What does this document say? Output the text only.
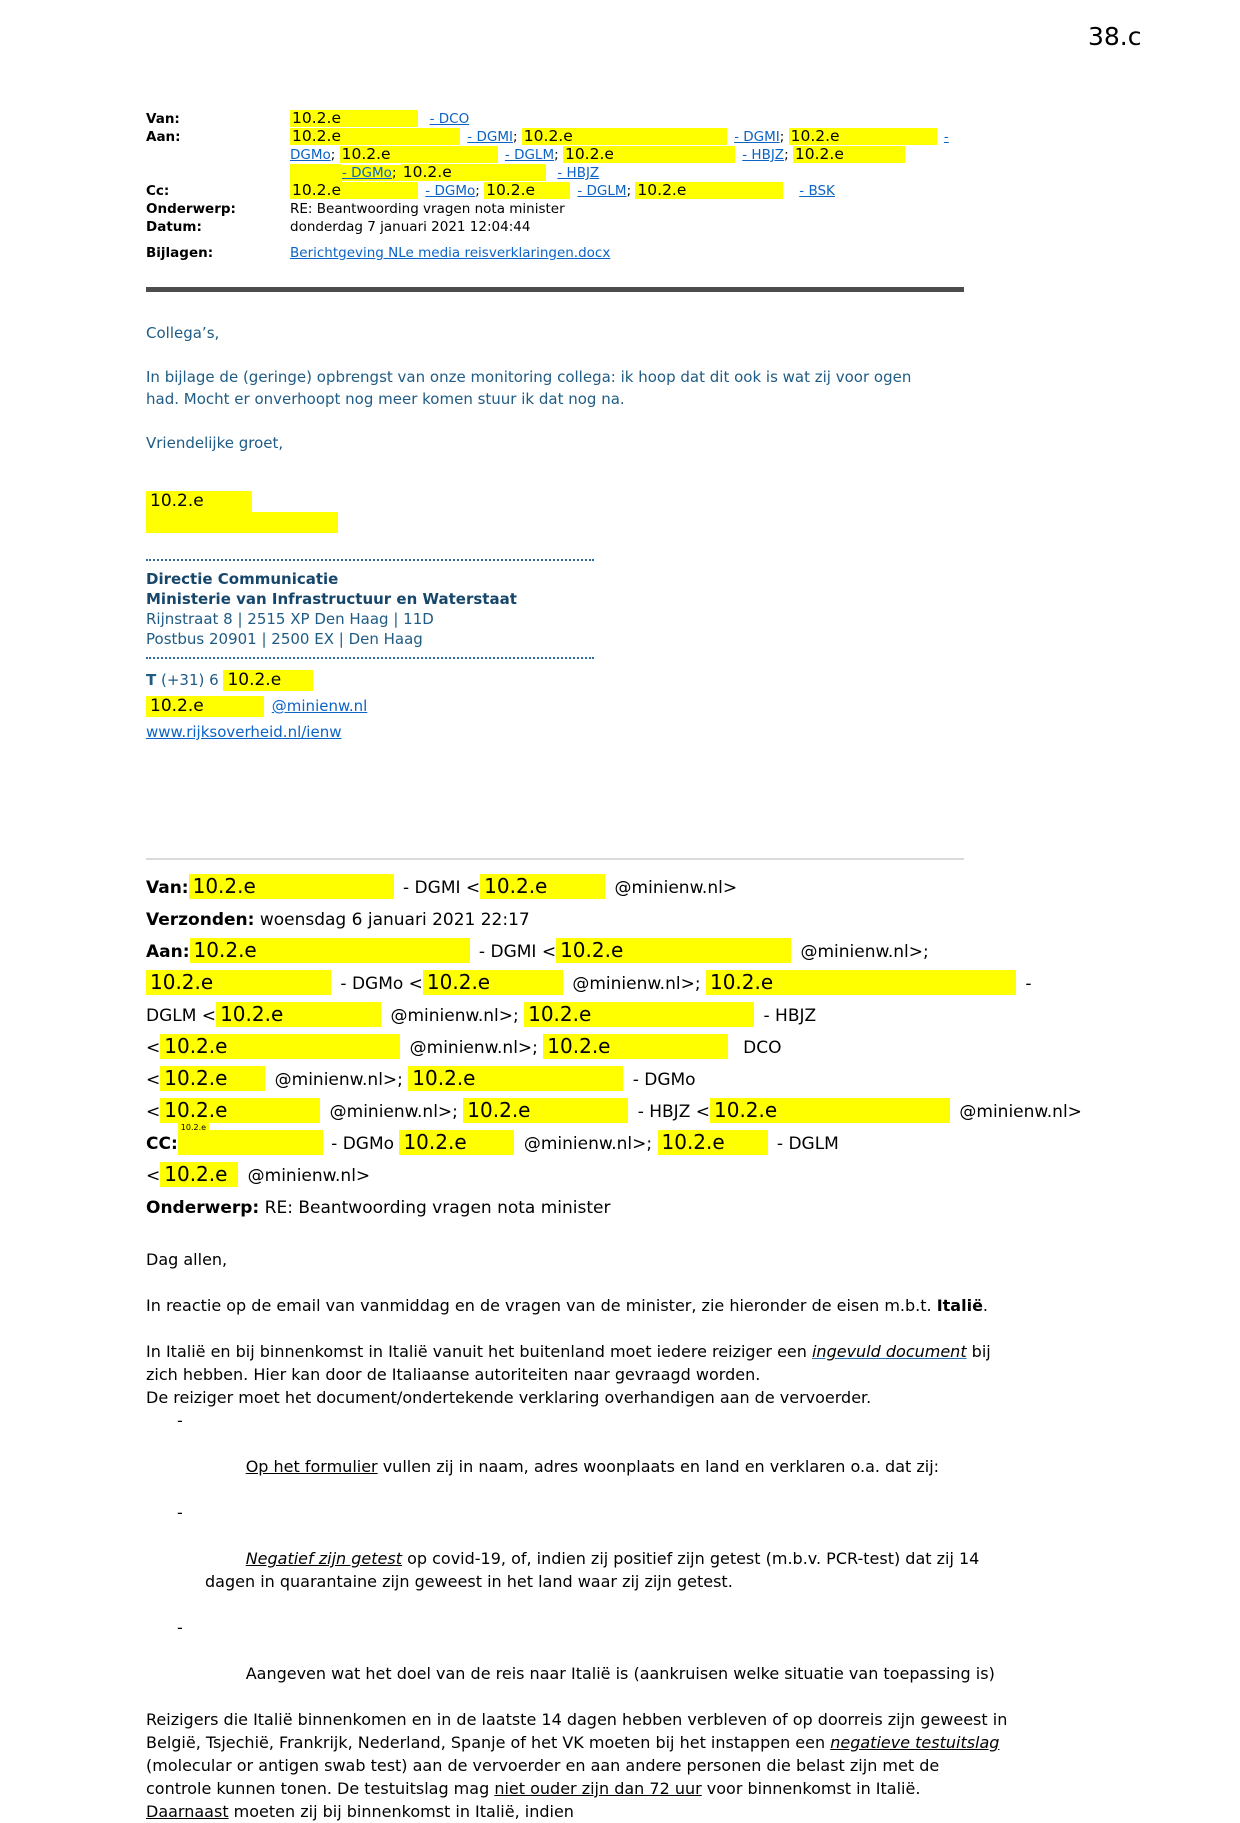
38.c
Van:	10.2.e	- DCO
Aan:	10.2.e	- DGMI; 10.2.e	- DGMI; 10.2.e	-
DGMo; 10.2.e	- DGLM; 10.2.e	- HBJZ; 10.2.e
- DGMo; 10.2.e	- HBJZ
Cc:	10.2.e	- DGMo; 10.2.e	- DGLM; 10.2.e	- BSK
Onderwerp:	RE: Beantwoording vragen nota minister
Datum:	donderdag 7 januari 2021 12:04:44
Bijlagen:	Berichtgeving NLe media reisverklaringen.docx

Collega’s,

In bijlage de (geringe) opbrengst van onze monitoring collega: ik hoop dat dit ook is wat zij voor ogen had. Mocht er onverhoopt nog meer komen stuur ik dat nog na.

Vriendelijke groet,

10.2.e

Directie Communicatie
Ministerie van Infrastructuur en Waterstaat
Rijnstraat 8 | 2515 XP Den Haag | 11D
Postbus 20901 | 2500 EX | Den Haag
T (+31) 6 10.2.e
10.2.e	@minienw.nl
www.rijksoverheid.nl/ienw
Van: 10.2.e	- DGMI < 10.2.e	@minienw.nl>
Verzonden: woensdag 6 januari 2021 22:17
Aan: 10.2.e	- DGMI < 10.2.e	@minienw.nl>;
10.2.e	- DGMo < 10.2.e	@minienw.nl>; 10.2.e	-
DGLM < 10.2.e	@minienw.nl>; 10.2.e	- HBJZ
< 10.2.e	@minienw.nl>; 10.2.e	DCO
< 10.2.e @minienw.nl>; 10.2.e	- DGMo
< 10.2.e	@minienw.nl>; 10.2.e	- HBJZ < 10.2.e	@minienw.nl>
CC:
10.2.e
- DGMo 10.2.e	@minienw.nl>; 10.2.e	- DGLM
< 10.2.e @minienw.nl>
Onderwerp: RE: Beantwoording vragen nota minister

Dag allen,

In reactie op de email van vanmiddag en de vragen van de minister, zie hieronder de eisen m.b.t. Italië.

In Italië en bij binnenkomst in Italië vanuit het buitenland moet iedere reiziger een ingevuld document bij zich hebben. Hier kan door de Italiaanse autoriteiten naar gevraagd worden.

De reiziger moet het document/ondertekende verklaring overhandigen aan de vervoerder.

-

Op het formulier vullen zij in naam, adres woonplaats en land en verklaren o.a. dat zij:

-

Negatief zijn getest op covid-19, of, indien zij positief zijn getest (m.b.v. PCR-test) dat zij 14 dagen in quarantaine zijn geweest in het land waar zij zijn getest.

-

Aangeven wat het doel van de reis naar Italië is (aankruisen welke situatie van toepassing is)

Reizigers die Italië binnenkomen en in de laatste 14 dagen hebben verbleven of op doorreis zijn geweest in België, Tsjechië, Frankrijk, Nederland, Spanje of het VK moeten bij het instappen een negatieve testuitslag (molecular or antigen swab test) aan de vervoerder en aan andere personen die belast zijn met de controle kunnen tonen. De testuitslag mag niet ouder zijn dan 72 uur voor binnenkomst in Italië. Daarnaast moeten zij bij binnenkomst in Italië, indien
